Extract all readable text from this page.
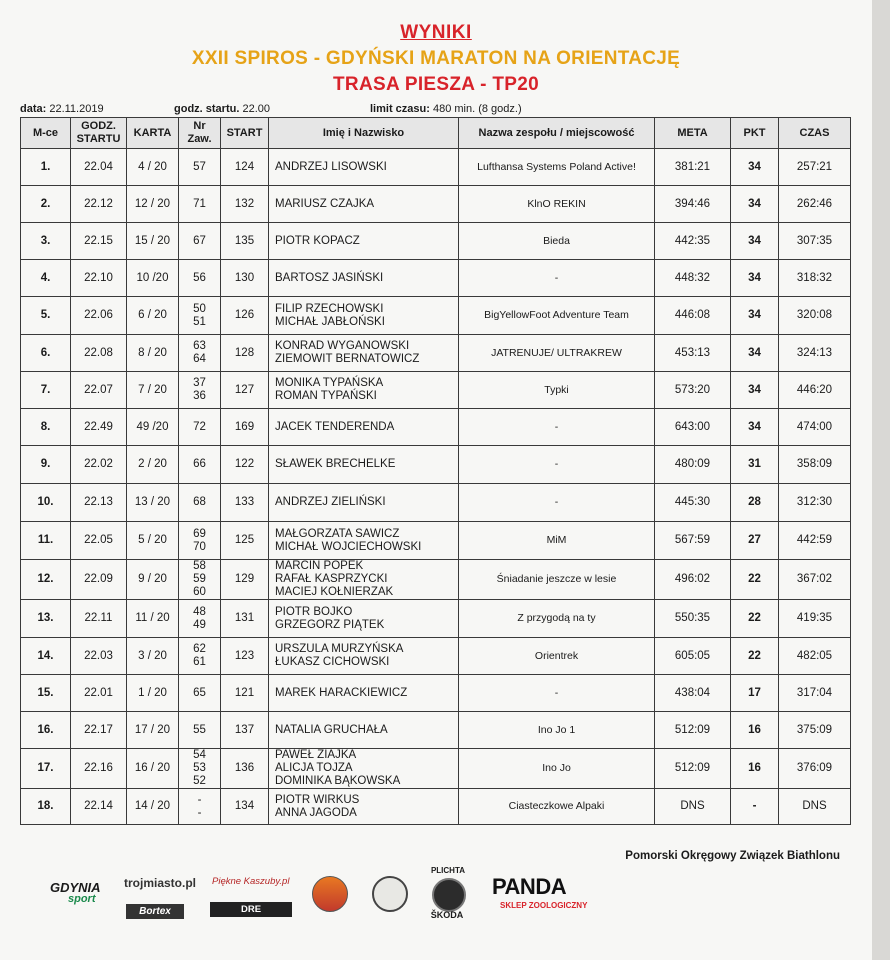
WYNIKI
XXII SPIROS - GDYŃSKI MARATON NA ORIENTACJĘ
TRASA PIESZA - TP20
data: 22.11.2019	godz. startu. 22.00	limit czasu: 480 min. (8 godz.)
M-ce	GODZ. STARTU	KARTA	Nr Zaw.	START	Imię i Nazwisko	Nazwa zespołu / miejscowość	META	PKT	CZAS
1.	22.04	4 / 20	57	124	ANDRZEJ LISOWSKI	Lufthansa Systems Poland Active!	381:21	34	257:21
2.	22.12	12 / 20	71	132	MARIUSZ CZAJKA	KlnO REKIN	394:46	34	262:46
3.	22.15	15 / 20	67	135	PIOTR KOPACZ	Bieda	442:35	34	307:35
4.	22.10	10 /20	56	130	BARTOSZ JASIŃSKI	-	448:32	34	318:32
5.	22.06	6 / 20	50
51	126	FILIP RZECHOWSKI
MICHAŁ JABŁOŃSKI	BigYellowFoot Adventure Team	446:08	34	320:08
6.	22.08	8 / 20	63
64	128	KONRAD WYGANOWSKI
ZIEMOWIT BERNATOWICZ	JATRENUJE/ ULTRAKREW	453:13	34	324:13
7.	22.07	7 / 20	37
36	127	MONIKA TYPAŃSKA
ROMAN TYPAŃSKI	Typki	573:20	34	446:20
8.	22.49	49 /20	72	169	JACEK TENDERENDA	-	643:00	34	474:00
9.	22.02	2 / 20	66	122	SŁAWEK BRECHELKE	-	480:09	31	358:09
10.	22.13	13 / 20	68	133	ANDRZEJ ZIELIŃSKI	-	445:30	28	312:30
11.	22.05	5 / 20	69
70	125	MAŁGORZATA SAWICZ
MICHAŁ WOJCIECHOWSKI	MiM	567:59	27	442:59
12.	22.09	9 / 20	58
59
60	129	MARCIN POPEK
RAFAŁ KASPRZYCKI
MACIEJ KOŁNIERZAK	Śniadanie jeszcze w lesie	496:02	22	367:02
13.	22.11	11 / 20	48
49	131	PIOTR BOJKO
GRZEGORZ PIĄTEK	Z przygodą na ty	550:35	22	419:35
14.	22.03	3 / 20	62
61	123	URSZULA MURZYŃSKA
ŁUKASZ CICHOWSKI	Orientrek	605:05	22	482:05
15.	22.01	1 / 20	65	121	MAREK HARACKIEWICZ	-	438:04	17	317:04
16.	22.17	17 / 20	55	137	NATALIA GRUCHAŁA	Ino Jo 1	512:09	16	375:09
17.	22.16	16 / 20	54
53
52	136	PAWEŁ ZIAJKA
ALICJA TOJZA
DOMINIKA BĄKOWSKA	Ino Jo	512:09	16	376:09
18.	22.14	14 / 20	-
-	134	PIOTR WIRKUS
ANNA JAGODA	Ciasteczkowe Alpaki	DNS	-	DNS
Pomorski Okręgowy Związek Biathlonu
GDYNIA
sport
trojmiasto.pl
Bortex
Piękne Kaszuby.pl
DRE
PLICHTA
ŠKODA
PANDA
SKLEP ZOOLOGICZNY
